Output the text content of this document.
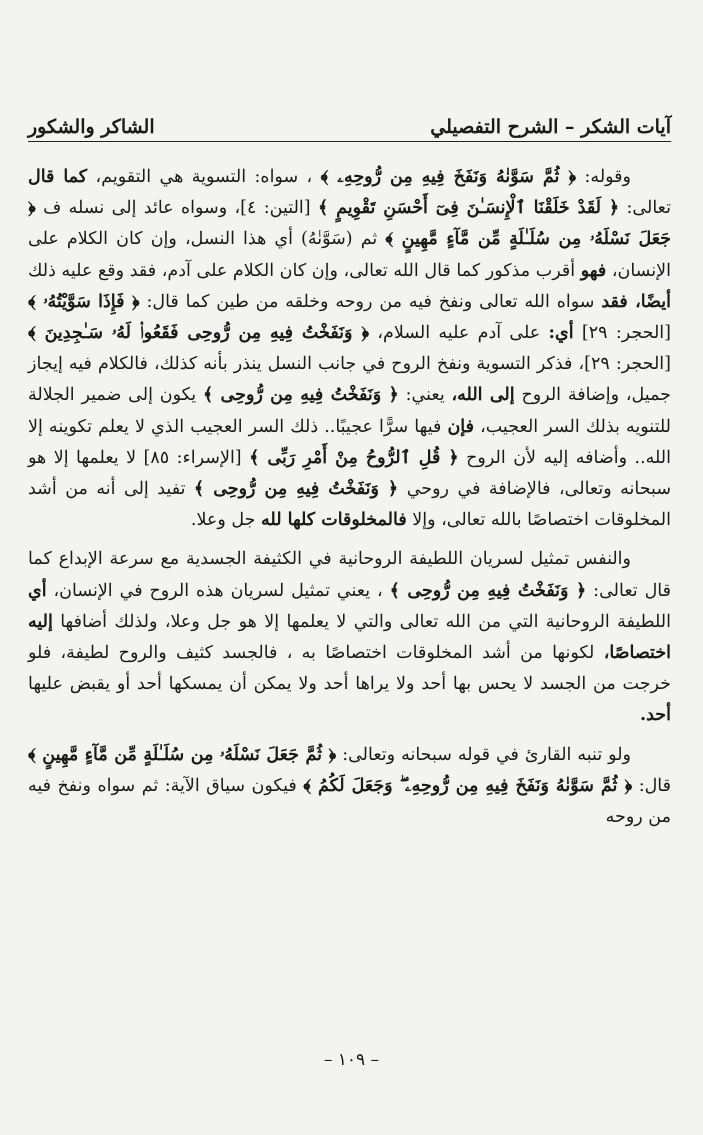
آيات الشكر – الشرح التفصيلي
الشاكر والشكور

وقوله: ﴿ ثُمَّ سَوَّنٰهُ وَنَفَخَ فِيهِ مِن رُّوحِهِۦ ﴾ ، سواه: التسوية هي التقويم، كما قال تعالى: ﴿ لَقَدْ خَلَقْنَا ٱلْإِنسَـٰنَ فِىٓ أَحْسَنِ تَقْوِيمٍ ﴾ [التين: ٤]، وسواه عائد إلى نسله ف ﴿ جَعَلَ نَسْلَهُۥ مِن سُلَـٰلَةٍ مِّن مَّآءٍ مَّهِينٍ ﴾ ثم (سَوَّنٰهُ) أي هذا النسل، وإن كان الكلام على الإنسان، فهو أقرب مذكور كما قال الله تعالى، وإن كان الكلام على آدم، فقد وقع عليه ذلك أيضًا، فقد سواه الله تعالى ونفخ فيه من روحه وخلقه من طين كما قال: ﴿ فَإِذَا سَوَّيْتُهُۥ ﴾ [الحجر: ٢٩] أي: على آدم عليه السلام، ﴿ وَنَفَخْتُ فِيهِ مِن رُّوحِى فَقَعُوا۟ لَهُۥ سَـٰجِدِينَ ﴾ [الحجر: ٢٩]، فذكر التسوية ونفخ الروح في جانب النسل ينذر بأنه كذلك، فالكلام فيه إيجاز جميل، وإضافة الروح إلى الله، يعني: ﴿ وَنَفَخْتُ فِيهِ مِن رُّوحِى ﴾ يكون إلى ضمير الجلالة للتنويه بذلك السر العجيب، فإن فيها سرًّا عجيبًا.. ذلك السر العجيب الذي لا يعلم تكوينه إلا الله.. وأضافه إليه لأن الروح ﴿ قُلِ ٱلرُّوحُ مِنْ أَمْرِ رَبِّى ﴾ [الإسراء: ٨٥] لا يعلمها إلا هو سبحانه وتعالى، فالإضافة في روحي ﴿ وَنَفَخْتُ فِيهِ مِن رُّوحِى ﴾ تفيد إلى أنه من أشد المخلوقات اختصاصًا بالله تعالى، وإلا فالمخلوقات كلها لله جل وعلا.

والنفس تمثيل لسريان اللطيفة الروحانية في الكثيفة الجسدية مع سرعة الإبداع كما قال تعالى: ﴿ وَنَفَخْتُ فِيهِ مِن رُّوحِى ﴾ ، يعني تمثيل لسريان هذه الروح في الإنسان، أي اللطيفة الروحانية التي من الله تعالى والتي لا يعلمها إلا هو جل وعلا، ولذلك أضافها إليه اختصاصًا، لكونها من أشد المخلوقات اختصاصًا به ، فالجسد كثيف والروح لطيفة، فلو خرجت من الجسد لا يحس بها أحد ولا يراها أحد ولا يمكن أن يمسكها أحد أو يقبض عليها أحد.

ولو تنبه القارئ في قوله سبحانه وتعالى: ﴿ ثُمَّ جَعَلَ نَسْلَهُۥ مِن سُلَـٰلَةٍ مِّن مَّآءٍ مَّهِينٍ ﴾ قال: ﴿ ثُمَّ سَوَّنٰهُ وَنَفَخَ فِيهِ مِن رُّوحِهِۦ ۖ وَجَعَلَ لَكُمُ ﴾ فيكون سياق الآية: ثم سواه ونفخ فيه من روحه

– ١٠٩ –
